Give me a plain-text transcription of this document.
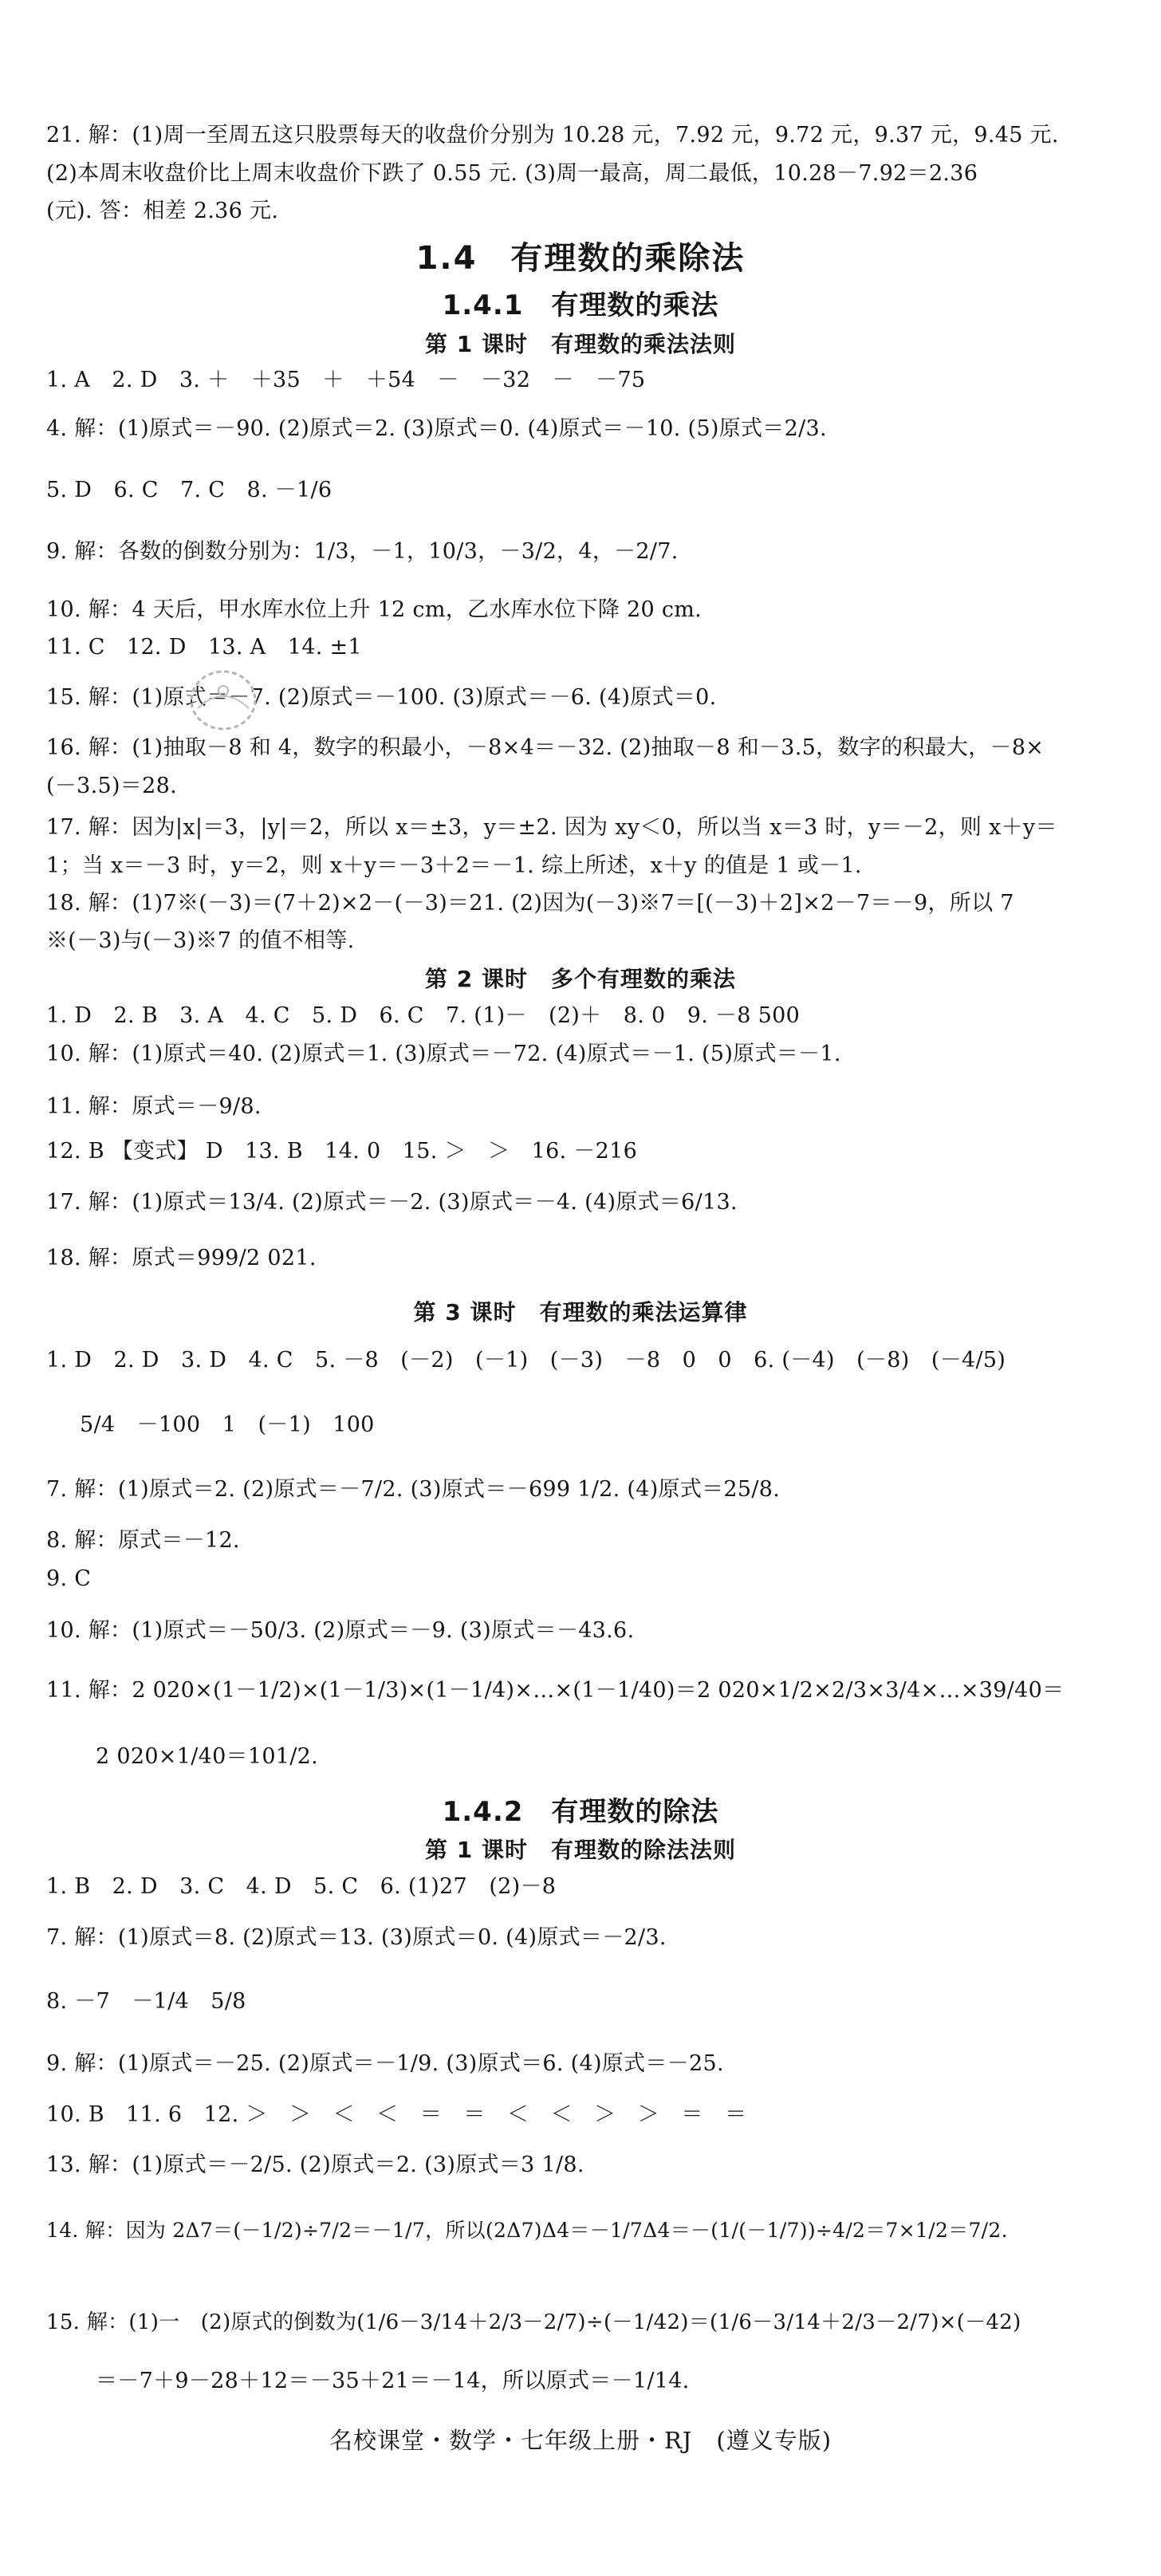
21. 解：(1)周一至周五这只股票每天的收盘价分别为 10.28 元，7.92 元，9.72 元，9.37 元，9.45 元.
(2)本周末收盘价比上周末收盘价下跌了 0.55 元. (3)周一最高，周二最低，10.28－7.92＝2.36
(元). 答：相差 2.36 元.
1.4　有理数的乘除法
1.4.1　有理数的乘法
第 1 课时　有理数的乘法法则
1. A　2. D　3. ＋　＋35　＋　＋54　－　－32　－　－75
4. 解：(1)原式＝－90. (2)原式＝2. (3)原式＝0. (4)原式＝－10. (5)原式＝2/3.
5. D　6. C　7. C　8. －1/6
9. 解：各数的倒数分别为：1/3，－1，10/3，－3/2，4，－2/7.
10. 解：4 天后，甲水库水位上升 12 cm，乙水库水位下降 20 cm.
11. C　12. D　13. A　14. ±1
15. 解：(1)原式＝－7. (2)原式＝－100. (3)原式＝－6. (4)原式＝0.
16. 解：(1)抽取－8 和 4，数字的积最小，－8×4＝－32. (2)抽取－8 和－3.5，数字的积最大，－8×
(－3.5)＝28.
17. 解：因为|x|＝3，|y|＝2，所以 x＝±3，y＝±2. 因为 xy＜0，所以当 x＝3 时，y＝－2，则 x＋y＝
1；当 x＝－3 时，y＝2，则 x＋y＝－3＋2＝－1. 综上所述，x＋y 的值是 1 或－1.
18. 解：(1)7※(－3)＝(7＋2)×2－(－3)＝21. (2)因为(－3)※7＝[(－3)＋2]×2－7＝－9，所以 7
※(－3)与(－3)※7 的值不相等.
第 2 课时　多个有理数的乘法
1. D　2. B　3. A　4. C　5. D　6. C　7. (1)－　(2)＋　8. 0　9. －8 500
10. 解：(1)原式＝40. (2)原式＝1. (3)原式＝－72. (4)原式＝－1. (5)原式＝－1.
11. 解：原式＝－9/8.
12. B 【变式】 D　13. B　14. 0　15. ＞　＞　16. －216
17. 解：(1)原式＝13/4. (2)原式＝－2. (3)原式＝－4. (4)原式＝6/13.
18. 解：原式＝999/2 021.
第 3 课时　有理数的乘法运算律
1. D　2. D　3. D　4. C　5. －8　(－2)　(－1)　(－3)　－8　0　0　6. (－4)　(－8)　(－4/5)
5/4　－100　1　(－1)　100
7. 解：(1)原式＝2. (2)原式＝－7/2. (3)原式＝－699 1/2. (4)原式＝25/8.
8. 解：原式＝－12.
9. C
10. 解：(1)原式＝－50/3. (2)原式＝－9. (3)原式＝－43.6.
11. 解：2 020×(1－1/2)×(1－1/3)×(1－1/4)×…×(1－1/40)＝2 020×1/2×2/3×3/4×…×39/40＝
2 020×1/40＝101/2.
1.4.2　有理数的除法
第 1 课时　有理数的除法法则
1. B　2. D　3. C　4. D　5. C　6. (1)27　(2)－8
7. 解：(1)原式＝8. (2)原式＝13. (3)原式＝0. (4)原式＝－2/3.
8. －7　－1/4　5/8
9. 解：(1)原式＝－25. (2)原式＝－1/9. (3)原式＝6. (4)原式＝－25.
10. B　11. 6　12. ＞　＞　＜　＜　＝　＝　＜　＜　＞　＞　＝　＝
13. 解：(1)原式＝－2/5. (2)原式＝2. (3)原式＝3 1/8.
14. 解：因为 2Δ7＝(－1/2)÷7/2＝－1/7，所以(2Δ7)Δ4＝－1/7Δ4＝－(1/(－1/7))÷4/2＝7×1/2＝7/2.
15. 解：(1)一　(2)原式的倒数为(1/6－3/14＋2/3－2/7)÷(－1/42)＝(1/6－3/14＋2/3－2/7)×(－42)
＝－7＋9－28＋12＝－35＋21＝－14，所以原式＝－1/14.
名校课堂・数学・七年级上册・RJ　(遵义专版)
